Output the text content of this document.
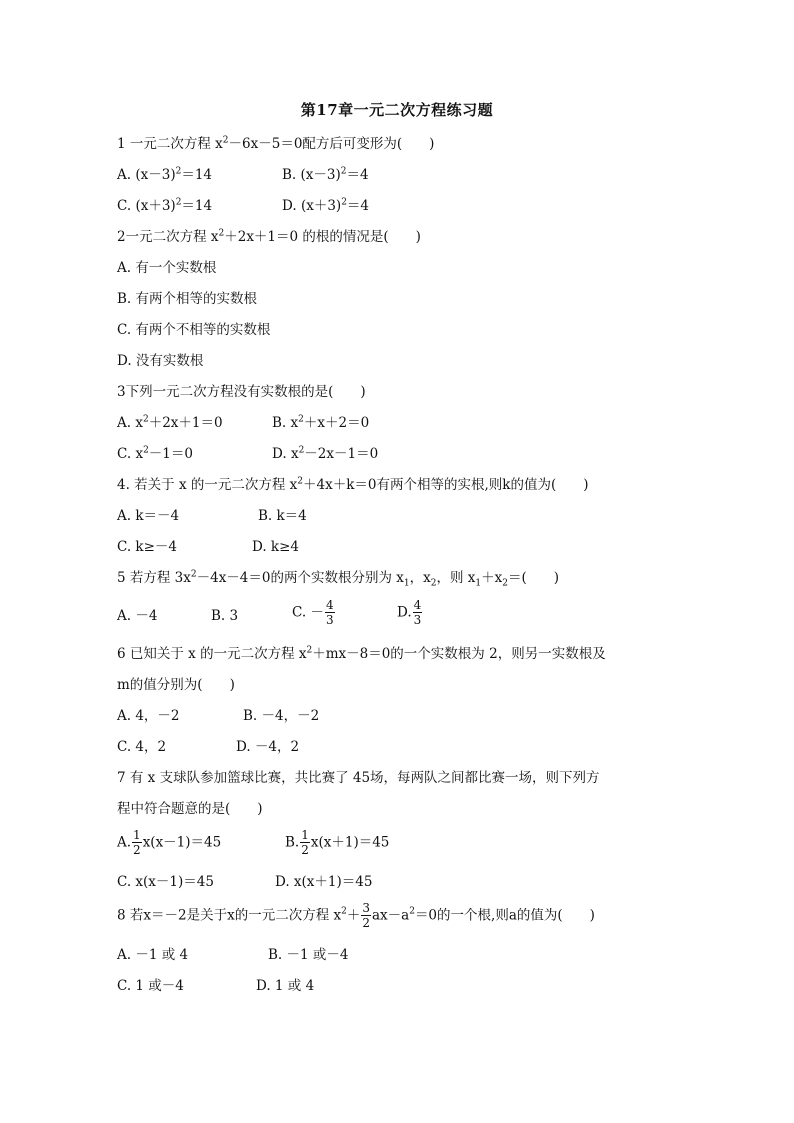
第17章一元二次方程练习题
1 一元二次方程 $x^2-6x-5=0$配方后可变形为(　　)
A. $(x-3)^2=14$	B. $(x-3)^2=4$
C. $(x+3)^2=14$	D. $(x+3)^2=4$
2一元二次方程 $x^2+2x+1=0$ 的根的情况是(　　)
A. 有一个实数根
B. 有两个相等的实数根
C. 有两个不相等的实数根
D. 没有实数根
3下列一元二次方程没有实数根的是(　　)
A. $x^2+2x+1=0$	B. $x^2+x+2=0$
C. $x^2-1=0$	D. $x^2-2x-1=0$
4. 若关于 x 的一元二次方程 $x^2+4x+k=0$有两个相等的实根,则k的值为(　　)
A. k＝－4	B. k＝4
C. k≥－4	D. k≥4
5 若方程 $3x^2-4x-4=0$的两个实数根分别为 $x_1$，$x_2$，则 $x_1+x_2=$(　　)
A. －4	B. 3	C. － $\frac{4}{3}$	D. $\frac{4}{3}$
6 已知关于 x 的一元二次方程 $x^2+mx-8=0$的一个实数根为 2，则另一实数根及
m的值分别为(　　)
A. 4，－2	B. －4，－2
C. 4，2	D. －4，2
7 有 x 支球队参加篮球比赛，共比赛了 45场，每两队之间都比赛一场，则下列方
程中符合题意的是(　　)
A. $\frac{1}{2} x(x-1)=45$	B. $\frac{1}{2} x(x+1)=45$
C. x(x－1)＝45	D. x(x＋1)＝45
8 若x＝－2是关于x的一元二次方程 $x^2+ \frac{3}{2} ax-a^2=0$的一个根,则a的值为(　　)
A. －1 或 4	B. －1 或－4
C. 1 或－4	D. 1 或 4
